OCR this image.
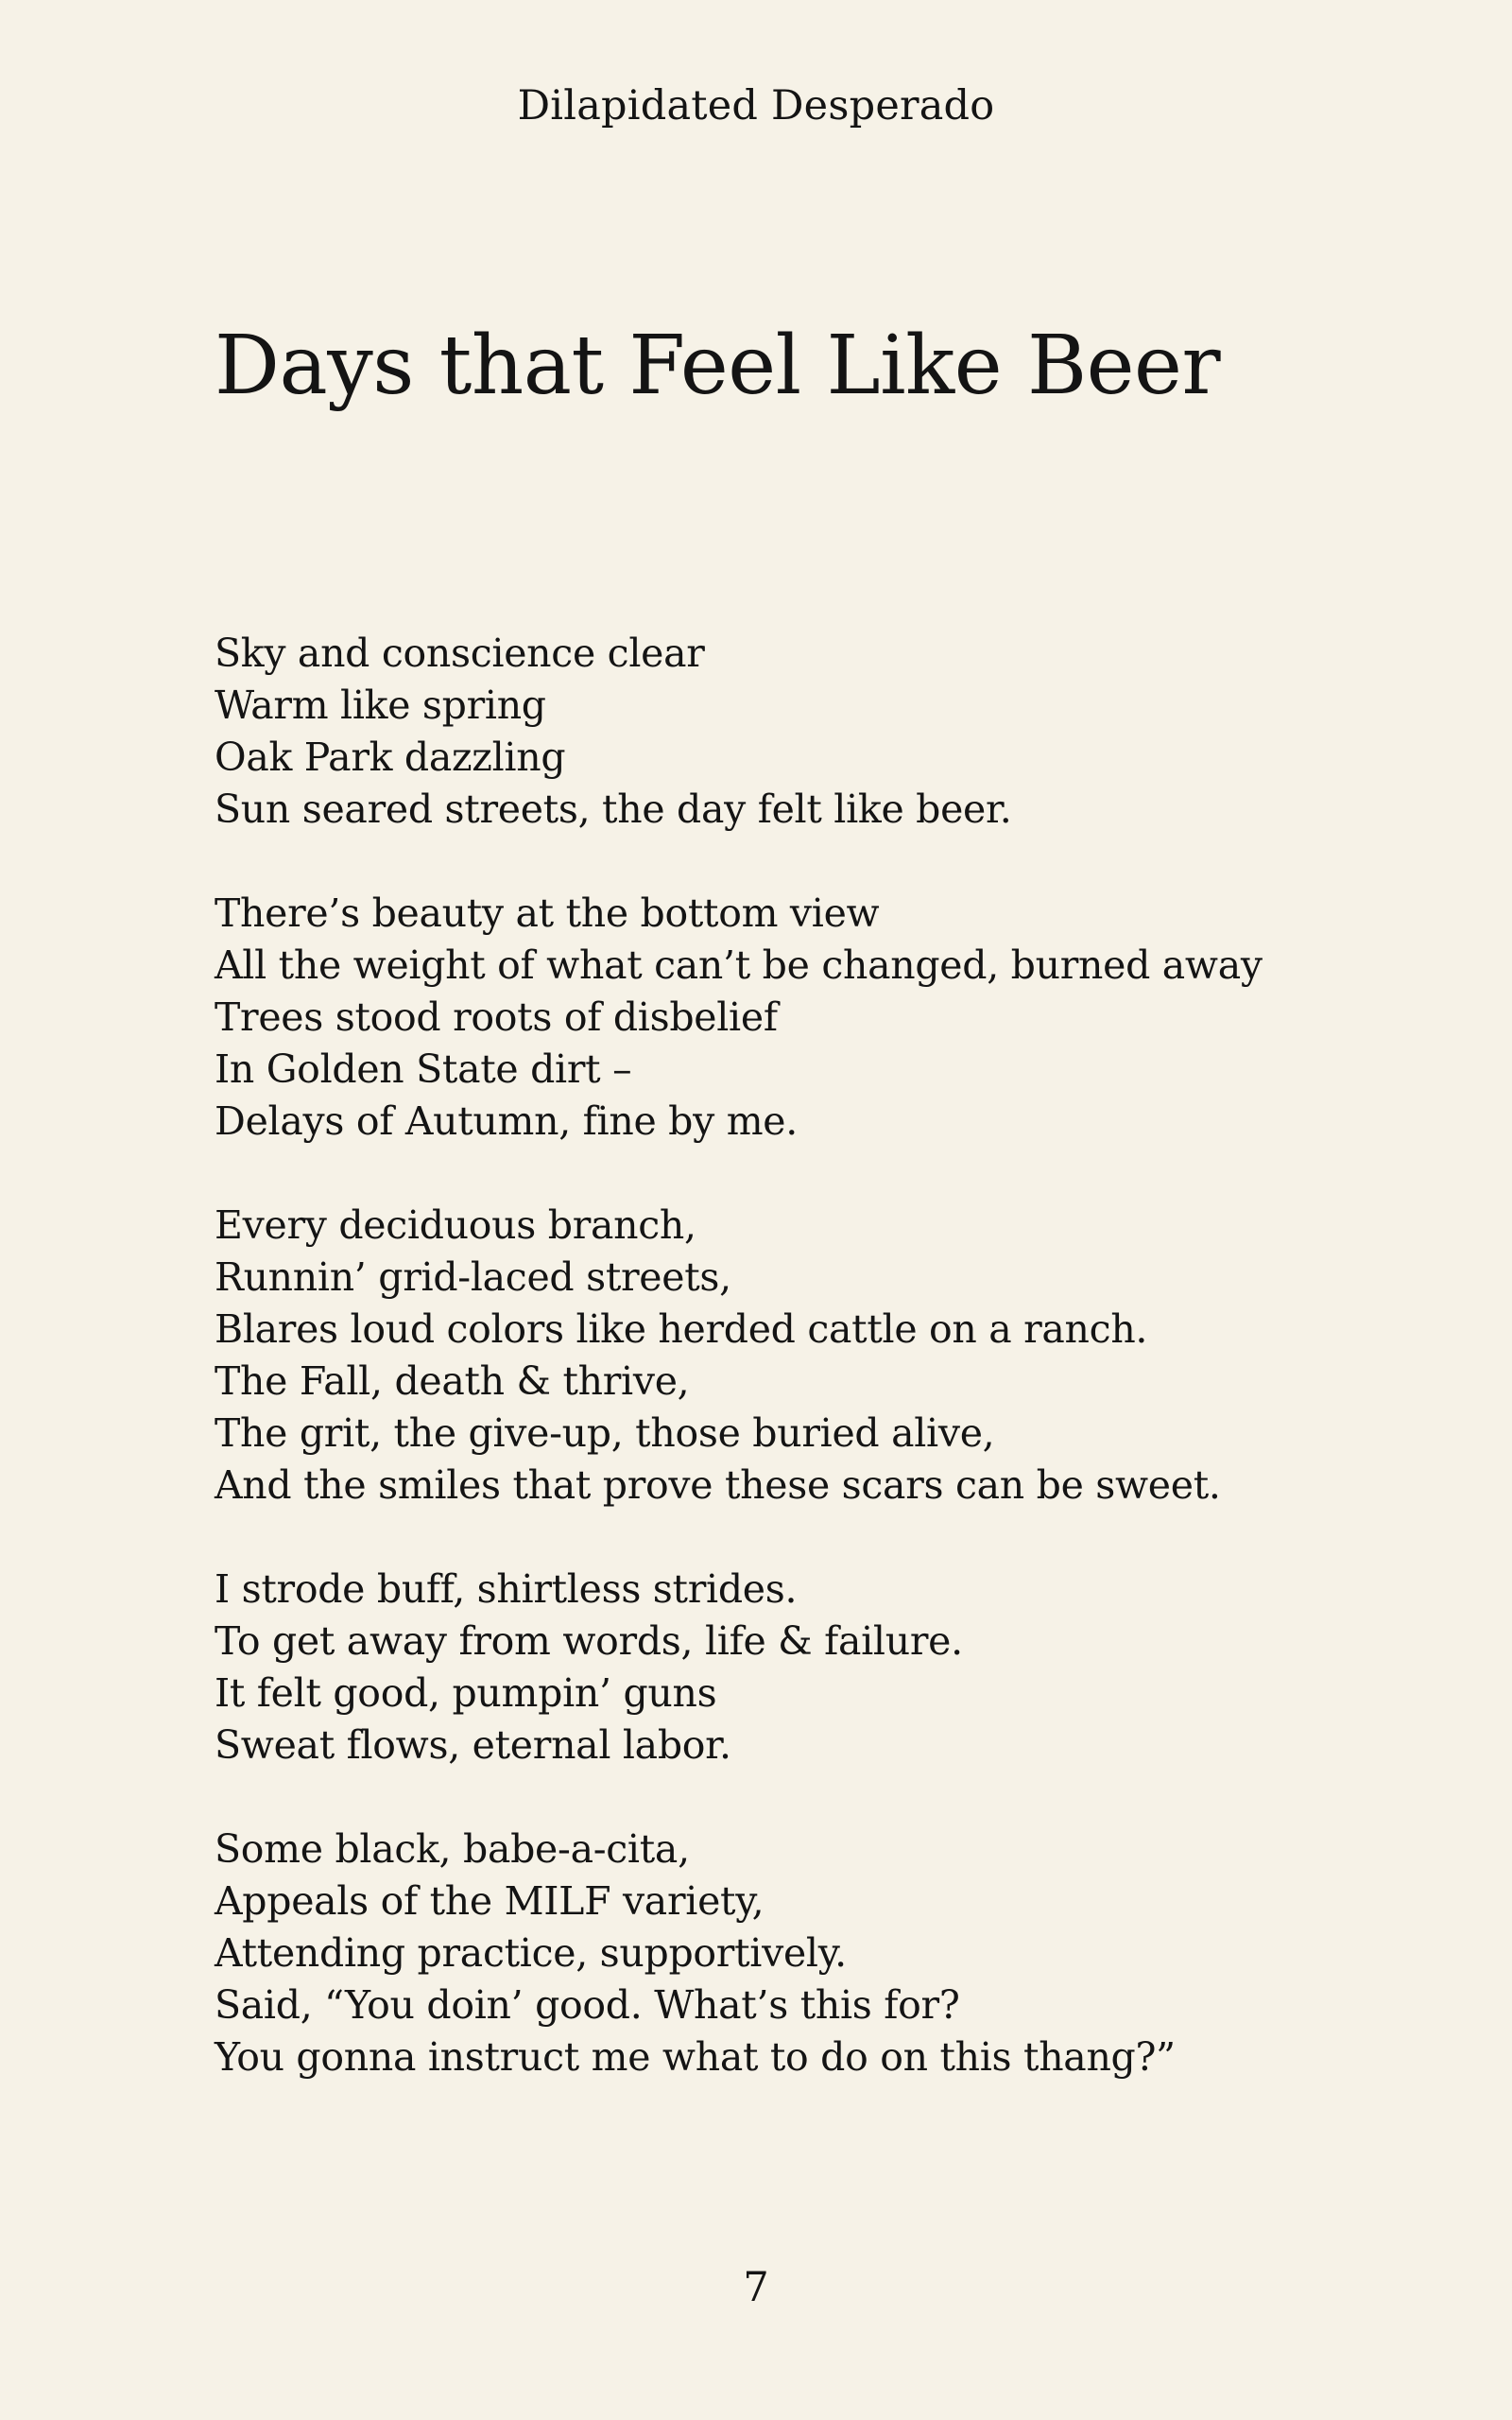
Dilapidated Desperado
Days that Feel Like Beer
Sky and conscience clear
Warm like spring
Oak Park dazzling
Sun seared streets, the day felt like beer.
There’s beauty at the bottom view
All the weight of what can’t be changed, burned away
Trees stood roots of disbelief
In Golden State dirt –
Delays of Autumn, fine by me.
Every deciduous branch,
Runnin’ grid-laced streets,
Blares loud colors like herded cattle on a ranch.
The Fall, death & thrive,
The grit, the give-up, those buried alive,
And the smiles that prove these scars can be sweet.
I strode buff, shirtless strides.
To get away from words, life & failure.
It felt good, pumpin’ guns
Sweat flows, eternal labor.
Some black, babe-a-cita,
Appeals of the MILF variety,
Attending practice, supportively.
Said, “You doin’ good. What’s this for?
You gonna instruct me what to do on this thang?”
7
